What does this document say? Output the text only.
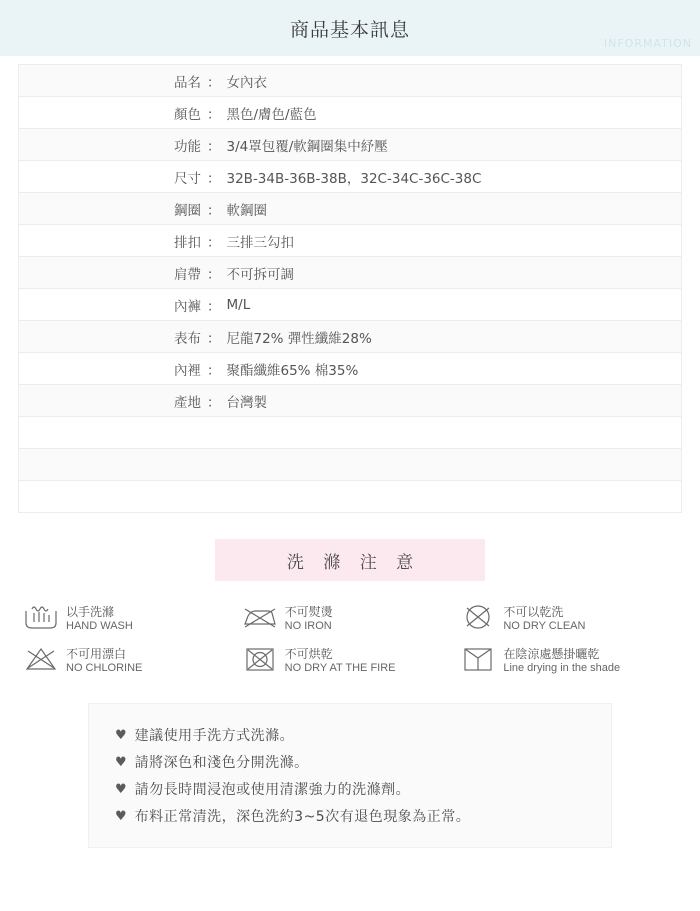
商品基本訊息
INFORMATION
品名 ： 女內衣
顏色 ： 黑色/膚色/藍色
功能 ： 3/4罩包覆/軟鋼圈集中紓壓
尺寸 ： 32B-34B-36B-38B，32C-34C-36C-38C
鋼圈 ： 軟鋼圈
排扣 ： 三排三勾扣
肩帶 ： 不可拆可調
內褲 ： M/L
表布 ： 尼龍72% 彈性纖維28%
內裡 ： 聚酯纖維65% 棉35%
產地 ： 台灣製
洗 滌 注 意
以手洗滌
HAND WASH
不可熨燙
NO IRON
不可以乾洗
NO DRY CLEAN
不可用漂白
NO CHLORINE
不可烘乾
NO DRY AT THE FIRE
在陰涼處懸掛曬乾
Line drying in the shade
♥ 建議使用手洗方式洗滌。
♥ 請將深色和淺色分開洗滌。
♥ 請勿長時間浸泡或使用清潔強力的洗滌劑。
♥ 布料正常清洗，深色洗約3~5次有退色現象為正常。
